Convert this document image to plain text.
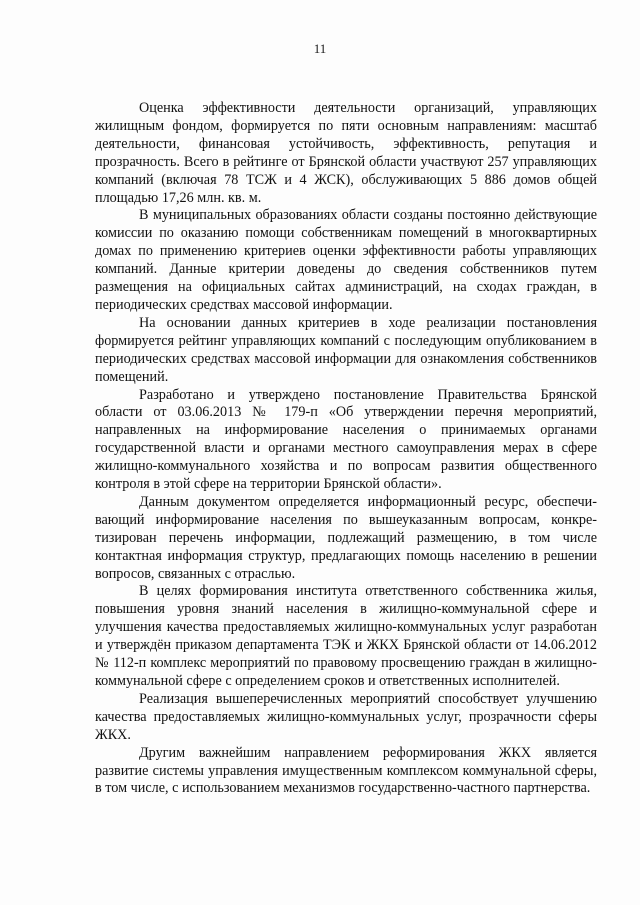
11

Оценка эффективности деятельности организаций, управляющих жилищным фондом, формируется по пяти основным направлениям: масштаб деятельности, финансовая устойчивость, эффективность, репутация и прозрачность. Всего в рейтинге от Брянской области участвуют 257 управляющих компаний (включая 78 ТСЖ и 4 ЖСК), обслуживающих 5 886 домов общей площадью 17,26 млн. кв. м.

В муниципальных образованиях области созданы постоянно действующие комиссии по оказанию помощи собственникам помещений в многоквартирных домах по применению критериев оценки эффективности работы управляющих компаний. Данные критерии доведены до сведения собственников путем размещения на официальных сайтах администраций, на сходах граждан, в периодических средствах массовой информации.

На основании данных критериев в ходе реализации постановления формируется рейтинг управляющих компаний с последующим опубликованием в периодических средствах массовой информации для ознакомления собственников помещений.

Разработано и утверждено постановление Правительства Брянской области от 03.06.2013 № 179-п «Об утверждении перечня мероприятий, направленных на информирование населения о принимаемых органами государственной власти и органами местного самоуправления мерах в сфере жилищно-коммунального хозяйства и по вопросам развития общественного контроля в этой сфере на территории Брянской области».

Данным документом определяется информационный ресурс, обеспечивающий информирование населения по вышеуказанным вопросам, конкретизирован перечень информации, подлежащий размещению, в том числе контактная информация структур, предлагающих помощь населению в решении вопросов, связанных с отраслью.

В целях формирования института ответственного собственника жилья, повышения уровня знаний населения в жилищно-коммунальной сфере и улучшения качества предоставляемых жилищно-коммунальных услуг разработан и утверждён приказом департамента ТЭК и ЖКХ Брянской области от 14.06.2012 № 112-п комплекс мероприятий по правовому просвещению граждан в жилищно-коммунальной сфере с определением сроков и ответственных исполнителей.

Реализация вышеперечисленных мероприятий способствует улучшению качества предоставляемых жилищно-коммунальных услуг, прозрачности сферы ЖКХ.

Другим важнейшим направлением реформирования ЖКХ является развитие системы управления имущественным комплексом коммунальной сферы, в том числе, с использованием механизмов государственно-частного партнерства.
